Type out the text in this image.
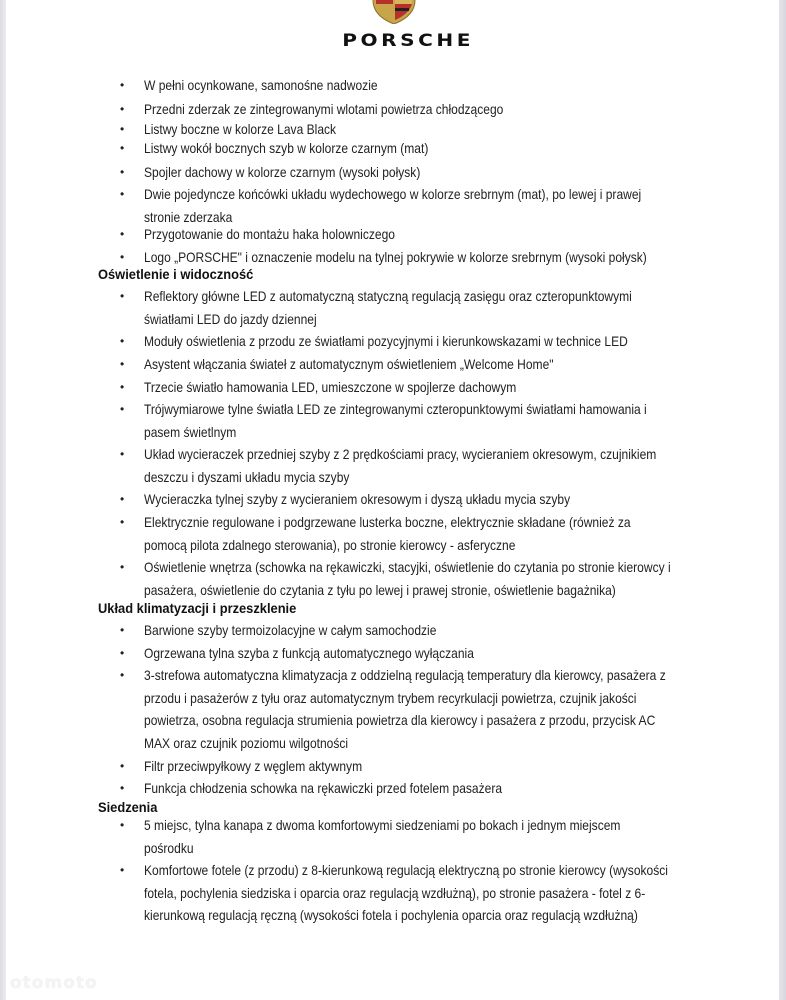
PORSCHE
• W pełni ocynkowane, samonośne nadwozie
• Przedni zderzak ze zintegrowanymi wlotami powietrza chłodzącego
• Listwy boczne w kolorze Lava Black
• Listwy wokół bocznych szyb w kolorze czarnym (mat)
• Spojler dachowy w kolorze czarnym (wysoki połysk)
• Dwie pojedyncze końcówki układu wydechowego w kolorze srebrnym (mat), po lewej i prawej
stronie zderzaka
• Przygotowanie do montażu haka holowniczego
• Logo „PORSCHE" i oznaczenie modelu na tylnej pokrywie w kolorze srebrnym (wysoki połysk)
Oświetlenie i widoczność
• Reflektory główne LED z automatyczną statyczną regulacją zasięgu oraz czteropunktowymi
światłami LED do jazdy dziennej
• Moduły oświetlenia z przodu ze światłami pozycyjnymi i kierunkowskazami w technice LED
• Asystent włączania świateł z automatycznym oświetleniem „Welcome Home"
• Trzecie światło hamowania LED, umieszczone w spojlerze dachowym
• Trójwymiarowe tylne światła LED ze zintegrowanymi czteropunktowymi światłami hamowania i
pasem świetlnym
• Układ wycieraczek przedniej szyby z 2 prędkościami pracy, wycieraniem okresowym, czujnikiem
deszczu i dyszami układu mycia szyby
• Wycieraczka tylnej szyby z wycieraniem okresowym i dyszą układu mycia szyby
• Elektrycznie regulowane i podgrzewane lusterka boczne, elektrycznie składane (również za
pomocą pilota zdalnego sterowania), po stronie kierowcy - asferyczne
• Oświetlenie wnętrza (schowka na rękawiczki, stacyjki, oświetlenie do czytania po stronie kierowcy i
pasażera, oświetlenie do czytania z tyłu po lewej i prawej stronie, oświetlenie bagażnika)
Układ klimatyzacji i przeszklenie
• Barwione szyby termoizolacyjne w całym samochodzie
• Ogrzewana tylna szyba z funkcją automatycznego wyłączania
• 3-strefowa automatyczna klimatyzacja z oddzielną regulacją temperatury dla kierowcy, pasażera z
przodu i pasażerów z tyłu oraz automatycznym trybem recyrkulacji powietrza, czujnik jakości
powietrza, osobna regulacja strumienia powietrza dla kierowcy i pasażera z przodu, przycisk AC
MAX oraz czujnik poziomu wilgotności
• Filtr przeciwpyłkowy z węglem aktywnym
• Funkcja chłodzenia schowka na rękawiczki przed fotelem pasażera
Siedzenia
• 5 miejsc, tylna kanapa z dwoma komfortowymi siedzeniami po bokach i jednym miejscem
pośrodku
• Komfortowe fotele (z przodu) z 8-kierunkową regulacją elektryczną po stronie kierowcy (wysokości
fotela, pochylenia siedziska i oparcia oraz regulacją wzdłużną), po stronie pasażera - fotel z 6-
kierunkową regulacją ręczną (wysokości fotela i pochylenia oparcia oraz regulacją wzdłużną)
otomoto
